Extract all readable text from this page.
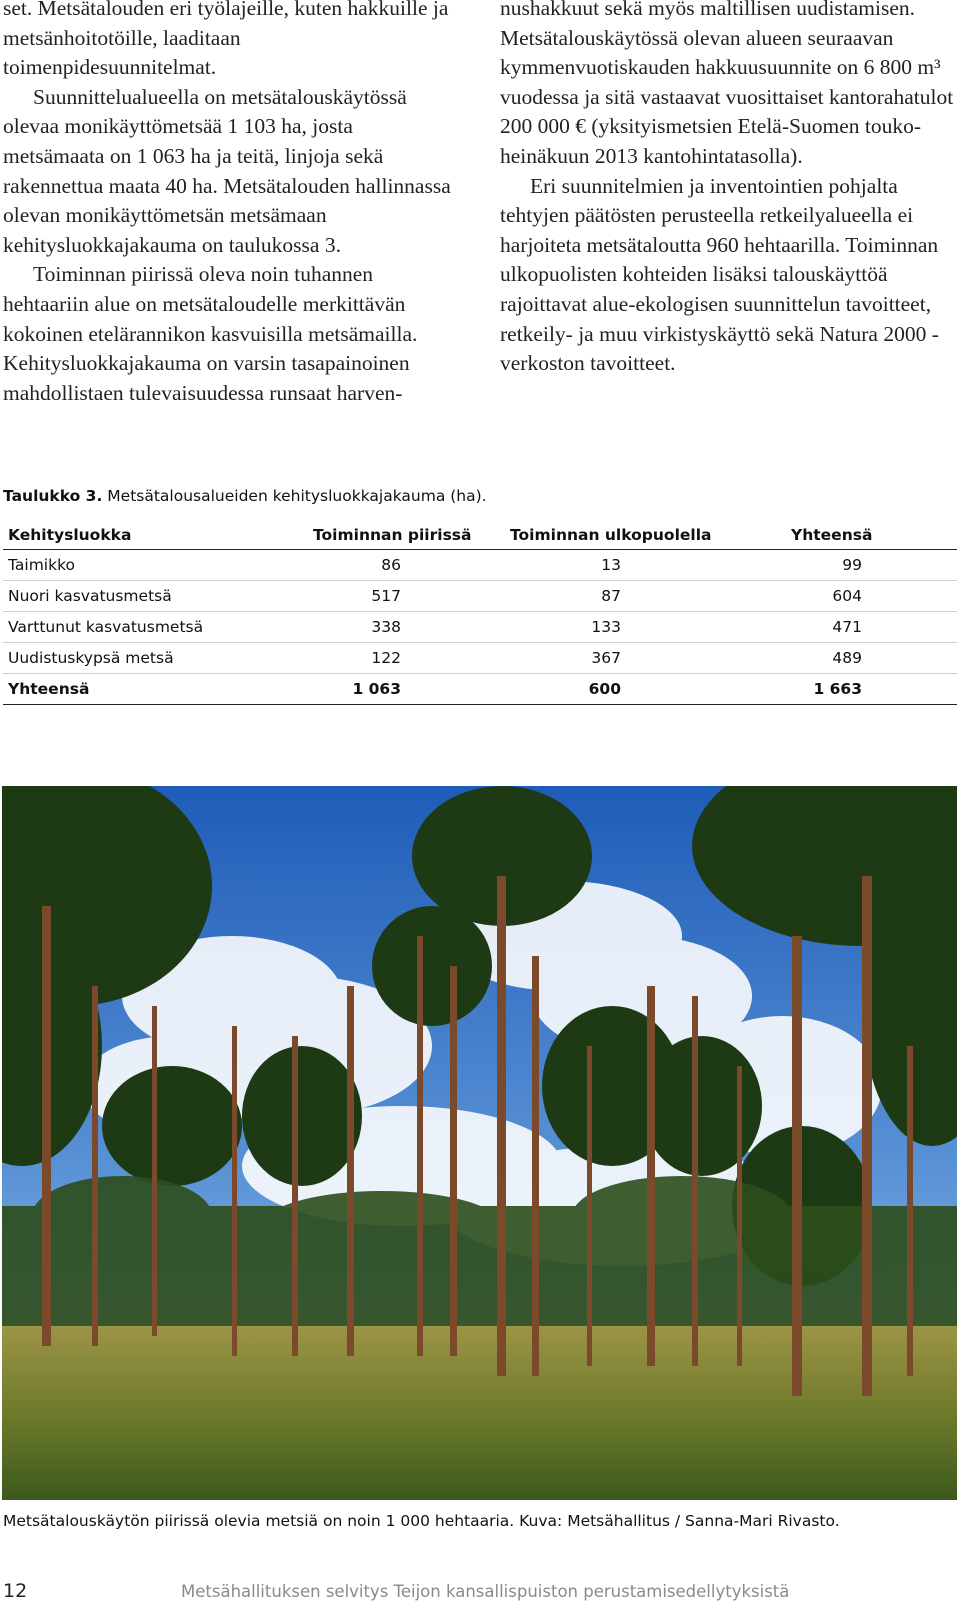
set. Metsätalouden eri työlajeille, kuten hakkuille ja metsänhoitotöille, laaditaan toimenpidesuunnitelmat.

Suunnittelualueella on metsätalouskäytössä olevaa monikäyttömetsää 1 103 ha, josta metsämaata on 1 063 ha ja teitä, linjoja sekä rakennettua maata 40 ha. Metsätalouden hallinnassa olevan monikäyttömetsän metsämaan kehitysluokkajakauma on taulukossa 3.

Toiminnan piirissä oleva noin tuhannen hehtaariin alue on metsätaloudelle merkittävän kokoinen etelärannikon kasvuisilla metsämailla. Kehitysluokkajakauma on varsin tasapainoinen mahdollistaen tulevaisuudessa runsaat harven-

nushakkuut sekä myös maltillisen uudistamisen. Metsätalouskäytössä olevan alueen seuraavan kymmenvuotiskauden hakkuusuunnite on 6 800 m³ vuodessa ja sitä vastaavat vuosittaiset kantorahatulot 200 000 € (yksityismetsien Etelä-Suomen touko-heinäkuun 2013 kantohintatasolla).

Eri suunnitelmien ja inventointien pohjalta tehtyjen päätösten perusteella retkeilyalueella ei harjoiteta metsätaloutta 960 hehtaarilla. Toiminnan ulkopuolisten kohteiden lisäksi talouskäyttöä rajoittavat alue-ekologisen suunnittelun tavoitteet, retkeily- ja muu virkistyskäyttö sekä Natura 2000 -verkoston tavoitteet.

Taulukko 3. Metsätalousalueiden kehitysluokkajakauma (ha).
Kehitysluokka	Toiminnan piirissä	Toiminnan ulkopuolella	Yhteensä
Taimikko	86	13	99
Nuori kasvatusmetsä	517	87	604
Varttunut kasvatusmetsä	338	133	471
Uudistuskypsä metsä	122	367	489
Yhteensä	1 063	600	1 663
Metsätalouskäytön piirissä olevia metsiä on noin 1 000 hehtaaria. Kuva: Metsähallitus / Sanna-Mari Rivasto.
12	Metsähallituksen selvitys Teijon kansallispuiston perustamisedellytyksistä
